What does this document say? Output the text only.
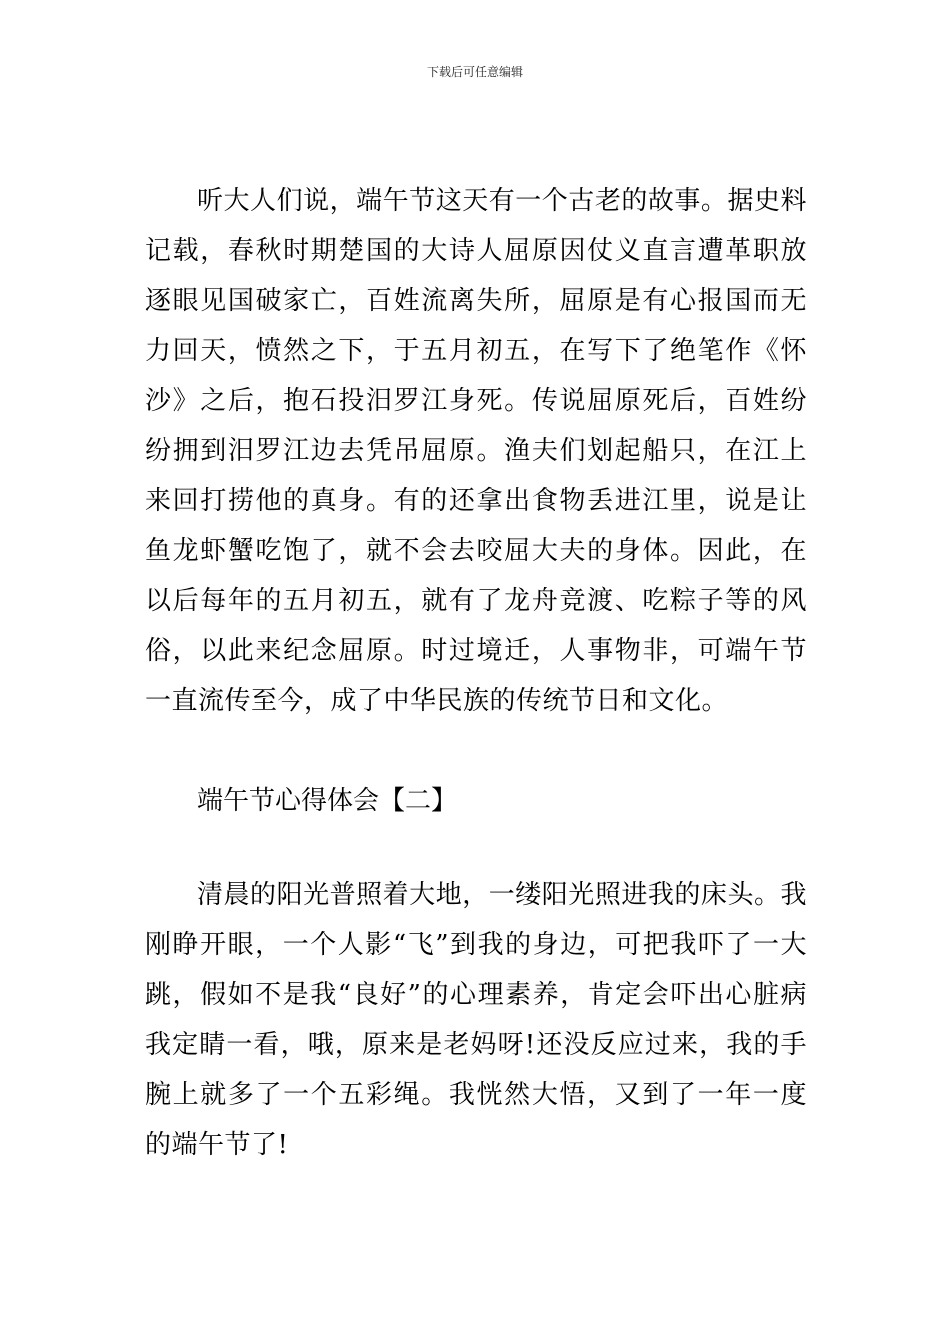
下载后可任意编辑

听大人们说，端午节这天有一个古老的故事。据史料记载，春秋时期楚国的大诗人屈原因仗义直言遭革职放逐眼见国破家亡，百姓流离失所，屈原是有心报国而无力回天，愤然之下，于五月初五，在写下了绝笔作《怀沙》之后，抱石投汨罗江身死。传说屈原死后，百姓纷纷拥到汨罗江边去凭吊屈原。渔夫们划起船只，在江上来回打捞他的真身。有的还拿出食物丢进江里，说是让鱼龙虾蟹吃饱了，就不会去咬屈大夫的身体。因此，在以后每年的五月初五，就有了龙舟竞渡、吃粽子等的风俗，以此来纪念屈原。时过境迁，人事物非，可端午节一直流传至今，成了中华民族的传统节日和文化。

端午节心得体会【二】

清晨的阳光普照着大地，一缕阳光照进我的床头。我刚睁开眼，一个人影“飞”到我的身边，可把我吓了一大跳，假如不是我“良好”的心理素养，肯定会吓出心脏病我定睛一看，哦，原来是老妈呀!还没反应过来，我的手腕上就多了一个五彩绳。我恍然大悟，又到了一年一度的端午节了!
